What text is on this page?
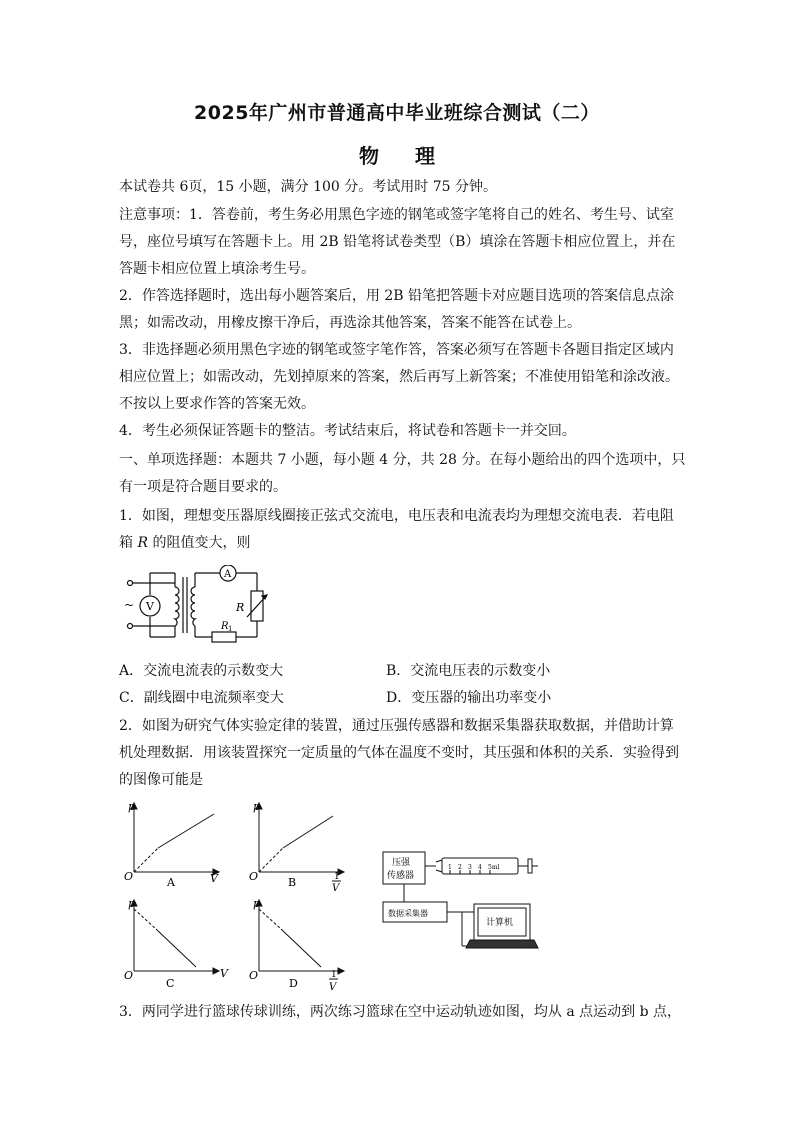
2025年广州市普通高中毕业班综合测试（二）
物 理
本试卷共 6页，15 小题，满分 100 分。考试用时 75 分钟。
注意事项：1．答卷前，考生务必用黑色字迹的钢笔或签字笔将自己的姓名、考生号、试室
号，座位号填写在答题卡上。用 2B 铅笔将试卷类型（B）填涂在答题卡相应位置上，并在
答题卡相应位置上填涂考生号。
2．作答选择题时，选出每小题答案后，用 2B 铅笔把答题卡对应题目选项的答案信息点涂
黑；如需改动，用橡皮擦干净后，再选涂其他答案，答案不能答在试卷上。
3．非选择题必须用黑色字迹的钢笔或签字笔作答，答案必须写在答题卡各题目指定区域内
相应位置上；如需改动，先划掉原来的答案，然后再写上新答案；不准使用铅笔和涂改液。
不按以上要求作答的答案无效。
4．考生必须保证答题卡的整洁。考试结束后，将试卷和答题卡一并交回。
一、单项选择题：本题共 7 小题，每小题 4 分，共 28 分。在每小题给出的四个选项中，只
有一项是符合题目要求的。
1．如图，理想变压器原线圈接正弦式交流电，电压表和电流表均为理想交流电表．若电阻
箱 R 的阻值变大，则
~ V
A
R
R 1
A．交流电流表的示数变大	B．交流电压表的示数变小
C．副线圈中电流频率变大	D．变压器的输出功率变小
2．如图为研究气体实验定律的装置，通过压强传感器和数据采集器获取数据，并借助计算
机处理数据．用该装置探究一定质量的气体在温度不变时，其压强和体积的关系．实验得到
的图像可能是
p
O	V
A
p
O	1
V
B
p
O	V
C
p
O	1
V
D
压强
传感器
数据采集器
计算机
1 2 3 4 5ml
3．两同学进行篮球传球训练，两次练习篮球在空中运动轨迹如图，均从 a 点运动到 b 点，
